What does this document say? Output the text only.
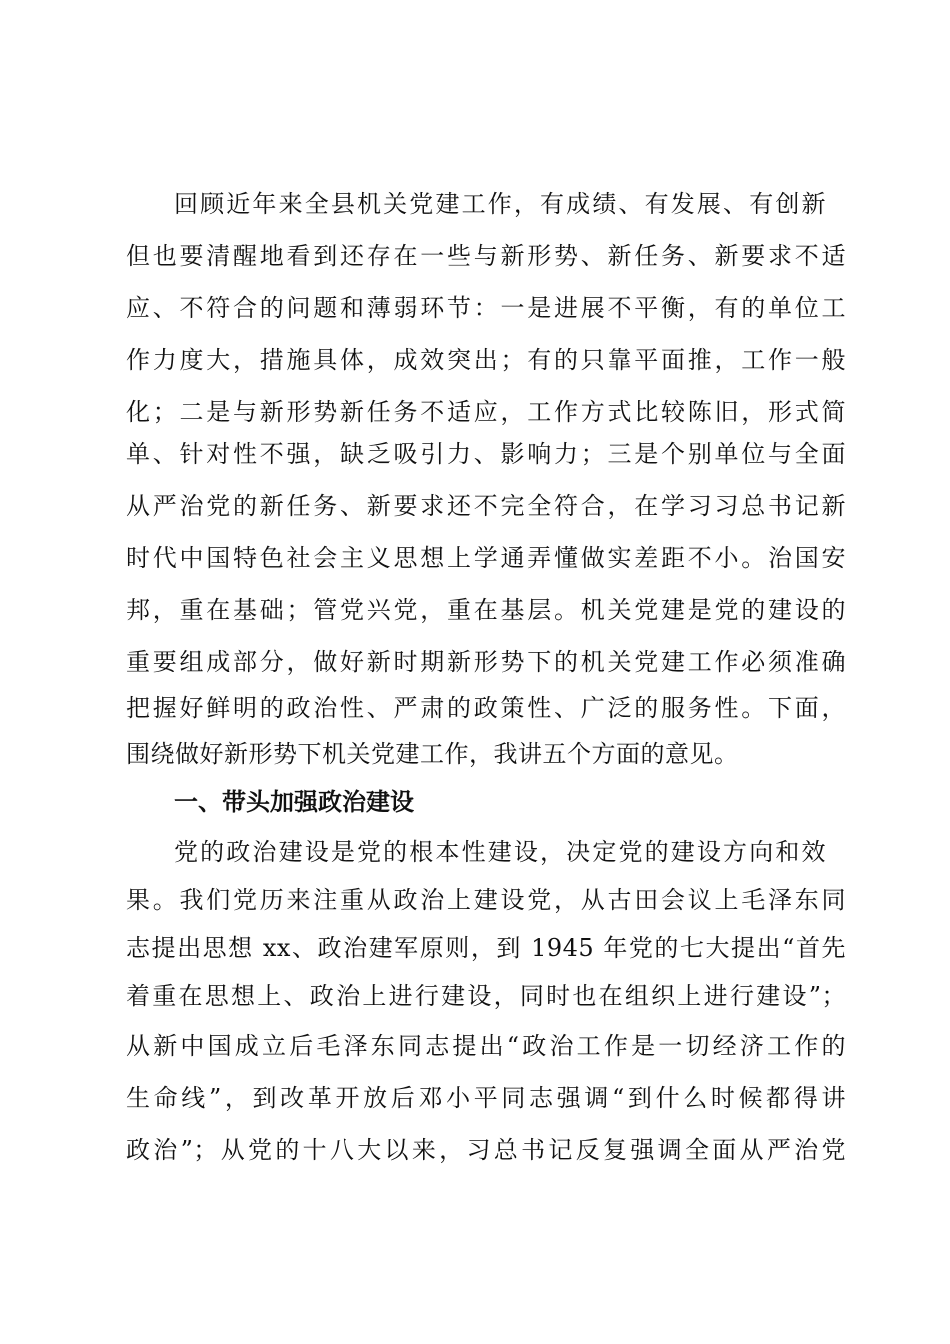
回顾近年来全县机关党建工作，有成绩、有发展、有创新
但也要清醒地看到还存在一些与新形势、新任务、新要求不适
应、不符合的问题和薄弱环节：一是进展不平衡，有的单位工
作力度大，措施具体，成效突出；有的只靠平面推，工作一般
化；二是与新形势新任务不适应，工作方式比较陈旧，形式简
单、针对性不强，缺乏吸引力、影响力；三是个别单位与全面
从严治党的新任务、新要求还不完全符合，在学习习总书记新
时代中国特色社会主义思想上学通弄懂做实差距不小。治国安
邦，重在基础；管党兴党，重在基层。机关党建是党的建设的
重要组成部分，做好新时期新形势下的机关党建工作必须准确
把握好鲜明的政治性、严肃的政策性、广泛的服务性。下面，
围绕做好新形势下机关党建工作，我讲五个方面的意见。
一、带头加强政治建设
党的政治建设是党的根本性建设，决定党的建设方向和效
果。我们党历来注重从政治上建设党，从古田会议上毛泽东同
志提出思想 xx、政治建军原则，到 1945 年党的七大提出“首先
着重在思想上、政治上进行建设，同时也在组织上进行建设”；
从新中国成立后毛泽东同志提出“政治工作是一切经济工作的
生命线”，到改革开放后邓小平同志强调“到什么时候都得讲
政治”；从党的十八大以来，习总书记反复强调全面从严治党
